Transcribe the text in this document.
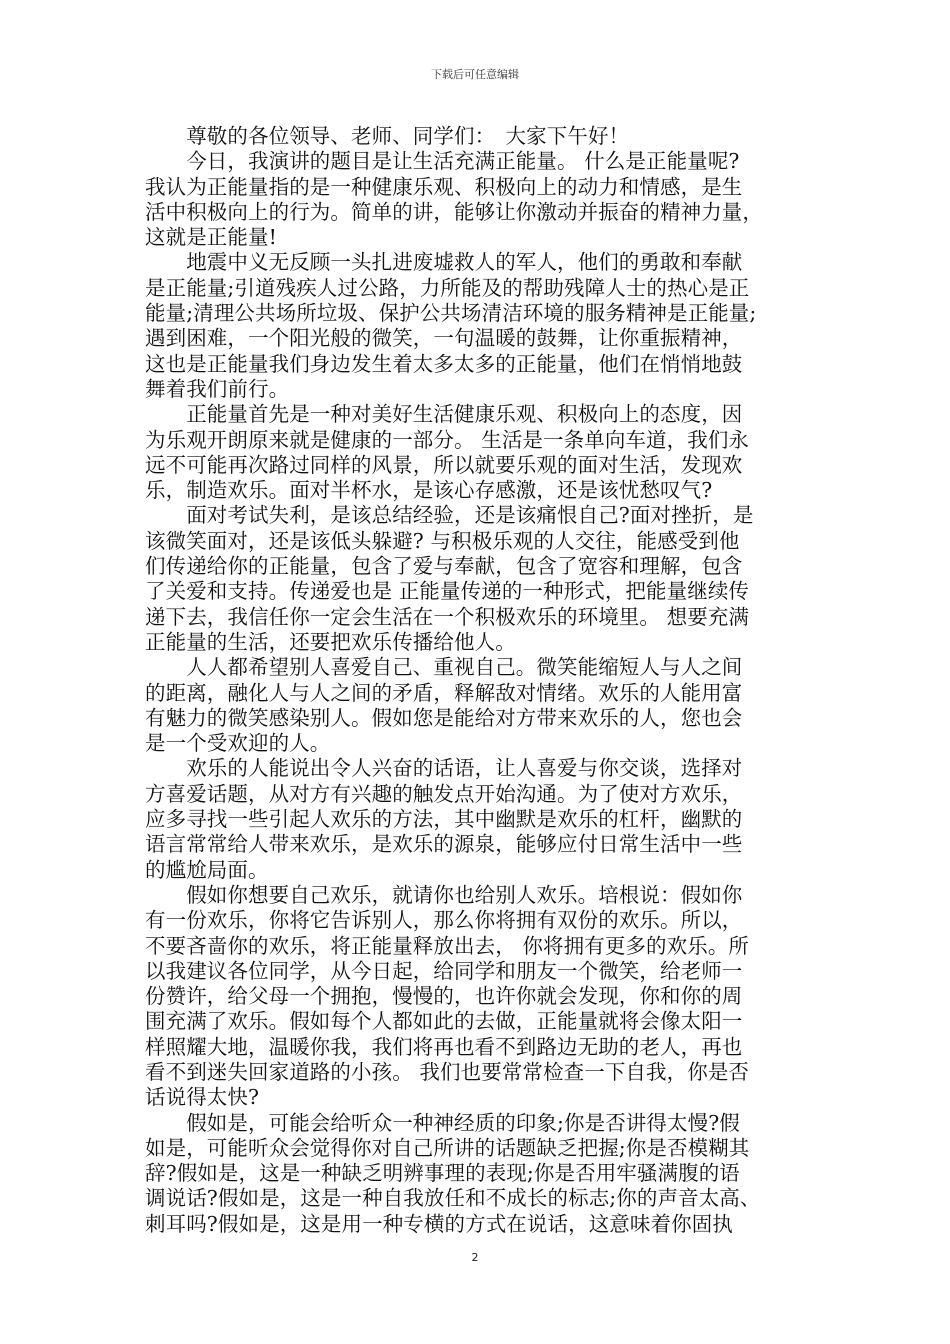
下载后可任意编辑
　　尊敬的各位领导、老师、同学们：　大家下午好！
　　今日，我演讲的题目是让生活充满正能量。 什么是正能量呢?
我认为正能量指的是一种健康乐观、积极向上的动力和情感，是生
活中积极向上的行为。简单的讲，能够让你激动并振奋的精神力量，
这就是正能量!
　　地震中义无反顾一头扎进废墟救人的军人，他们的勇敢和奉献
是正能量;引道残疾人过公路，力所能及的帮助残障人士的热心是正
能量;清理公共场所垃圾、保护公共场清洁环境的服务精神是正能量;
遇到困难，一个阳光般的微笑，一句温暖的鼓舞，让你重振精神，
这也是正能量我们身边发生着太多太多的正能量，他们在悄悄地鼓
舞着我们前行。
　　正能量首先是一种对美好生活健康乐观、积极向上的态度，因
为乐观开朗原来就是健康的一部分。 生活是一条单向车道，我们永
远不可能再次路过同样的风景，所以就要乐观的面对生活，发现欢
乐，制造欢乐。面对半杯水，是该心存感激，还是该忧愁叹气?
　　面对考试失利，是该总结经验，还是该痛恨自己?面对挫折，是
该微笑面对，还是该低头躲避? 与积极乐观的人交往，能感受到他
们传递给你的正能量，包含了爱与奉献，包含了宽容和理解，包含
了关爱和支持。传递爱也是 正能量传递的一种形式，把能量继续传
递下去，我信任你一定会生活在一个积极欢乐的环境里。 想要充满
正能量的生活，还要把欢乐传播给他人。
　　人人都希望别人喜爱自己、重视自己。微笑能缩短人与人之间
的距离，融化人与人之间的矛盾，释解敌对情绪。欢乐的人能用富
有魅力的微笑感染别人。假如您是能给对方带来欢乐的人，您也会
是一个受欢迎的人。
　　欢乐的人能说出令人兴奋的话语，让人喜爱与你交谈，选择对
方喜爱话题，从对方有兴趣的触发点开始沟通。为了使对方欢乐，
应多寻找一些引起人欢乐的方法，其中幽默是欢乐的杠杆，幽默的
语言常常给人带来欢乐，是欢乐的源泉，能够应付日常生活中一些
的尴尬局面。
　　假如你想要自己欢乐，就请你也给别人欢乐。培根说：假如你
有一份欢乐，你将它告诉别人，那么你将拥有双份的欢乐。所以，
不要吝啬你的欢乐，将正能量释放出去， 你将拥有更多的欢乐。所
以我建议各位同学，从今日起，给同学和朋友一个微笑，给老师一
份赞许，给父母一个拥抱，慢慢的，也许你就会发现，你和你的周
围充满了欢乐。假如每个人都如此的去做，正能量就将会像太阳一
样照耀大地，温暖你我，我们将再也看不到路边无助的老人，再也
看不到迷失回家道路的小孩。 我们也要常常检查一下自我，你是否
话说得太快?
　　假如是，可能会给听众一种神经质的印象;你是否讲得太慢?假
如是，可能听众会觉得你对自己所讲的话题缺乏把握;你是否模糊其
辞?假如是，这是一种缺乏明辨事理的表现;你是否用牢骚满腹的语
调说话?假如是，这是一种自我放任和不成长的标志;你的声音太高、
刺耳吗?假如是，这是用一种专横的方式在说话，这意味着你固执
2
